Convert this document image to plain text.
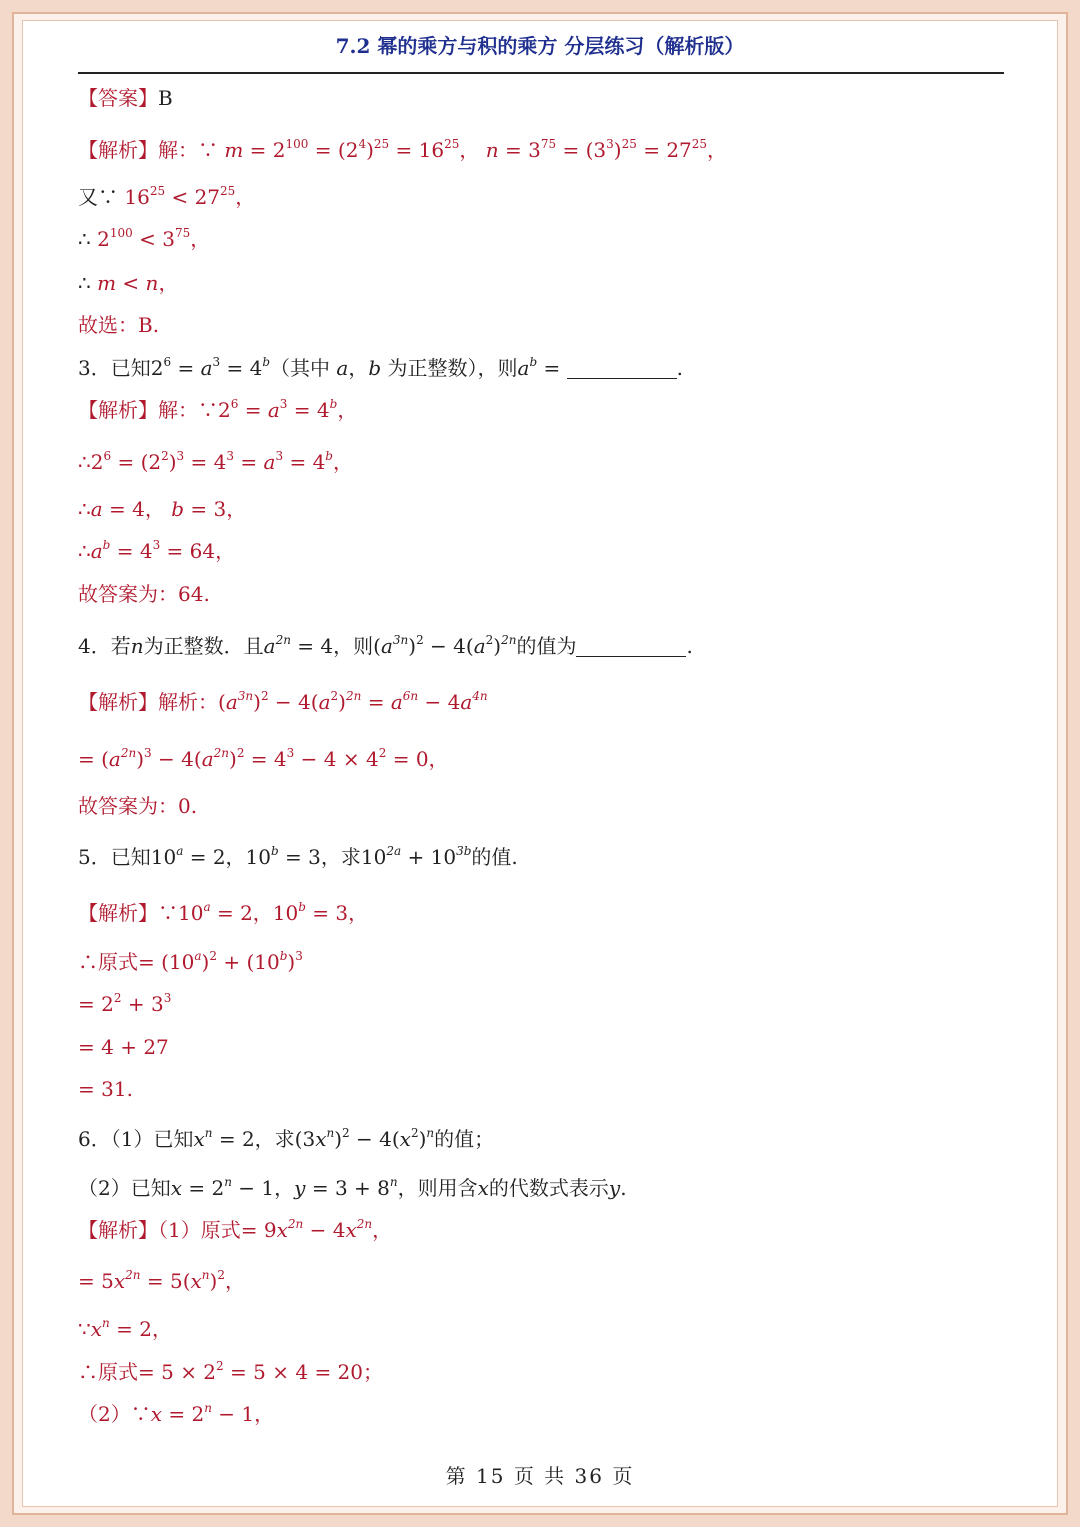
7.2 幂的乘方与积的乘方 分层练习（解析版）
【答案】B
【解析】解：∵ $m = 2^{100} = (2^4)^{25} = 16^{25}$， $n = 3^{75} = (3^3)^{25} = 27^{25}$，
又∵ $16^{25} < 27^{25}$，
∴ $2^{100} < 3^{75}$，
∴ m < n，
故选：B.
3．已知$2^6 = a^3 = 4^b$（其中 a，b 为正整数），则$a^b$ =	.
【解析】解：$\because 2^6 = a^3 = 4^b$，
$\therefore 2^6 = (2^2)^3 = 4^3 = a^3 = 4^b$，
∴a = 4， b = 3，
$\therefore a^b = 4^3 = 64$，
故答案为：64.
4．若n为正整数．且$a^{2n} = 4$，则$(a^{3n})^2 - 4(a^2)^{2n}$的值为	.
【解析】解析：$(a^{3n})^2 - 4(a^2)^{2n} = a^{6n} - 4a^{4n}$
= $(a^{2n})^3 - 4(a^{2n})^2 = 4^3 - 4 \times 4^2 = 0$，
故答案为：0.
5．已知$10^a = 2$，$10^b = 3$，求$10^{2a} + 10^{3b}$的值.
【解析】$\because 10^a = 2$，$10^b = 3$，
∴原式= $(10^a)^2 + (10^b)^3$
= $2^2 + 3^3$
= 4 + 27
= 31.
6．（1）已知$x^n = 2$，求$(3x^n)^2 - 4(x^2)^n$的值；
（2）已知$x = 2^n - 1$，$y = 3 + 8^n$，则用含x的代数式表示y.
【解析】（1）原式= $9x^{2n} - 4x^{2n}$，
= $5x^{2n} = 5(x^n)^2$，
$\because x^n = 2$，
∴原式= $5 \times 2^2 = 5 \times 4 = 20$；
（2）∵x = $2^n - 1$，
第 15 页 共 36 页
